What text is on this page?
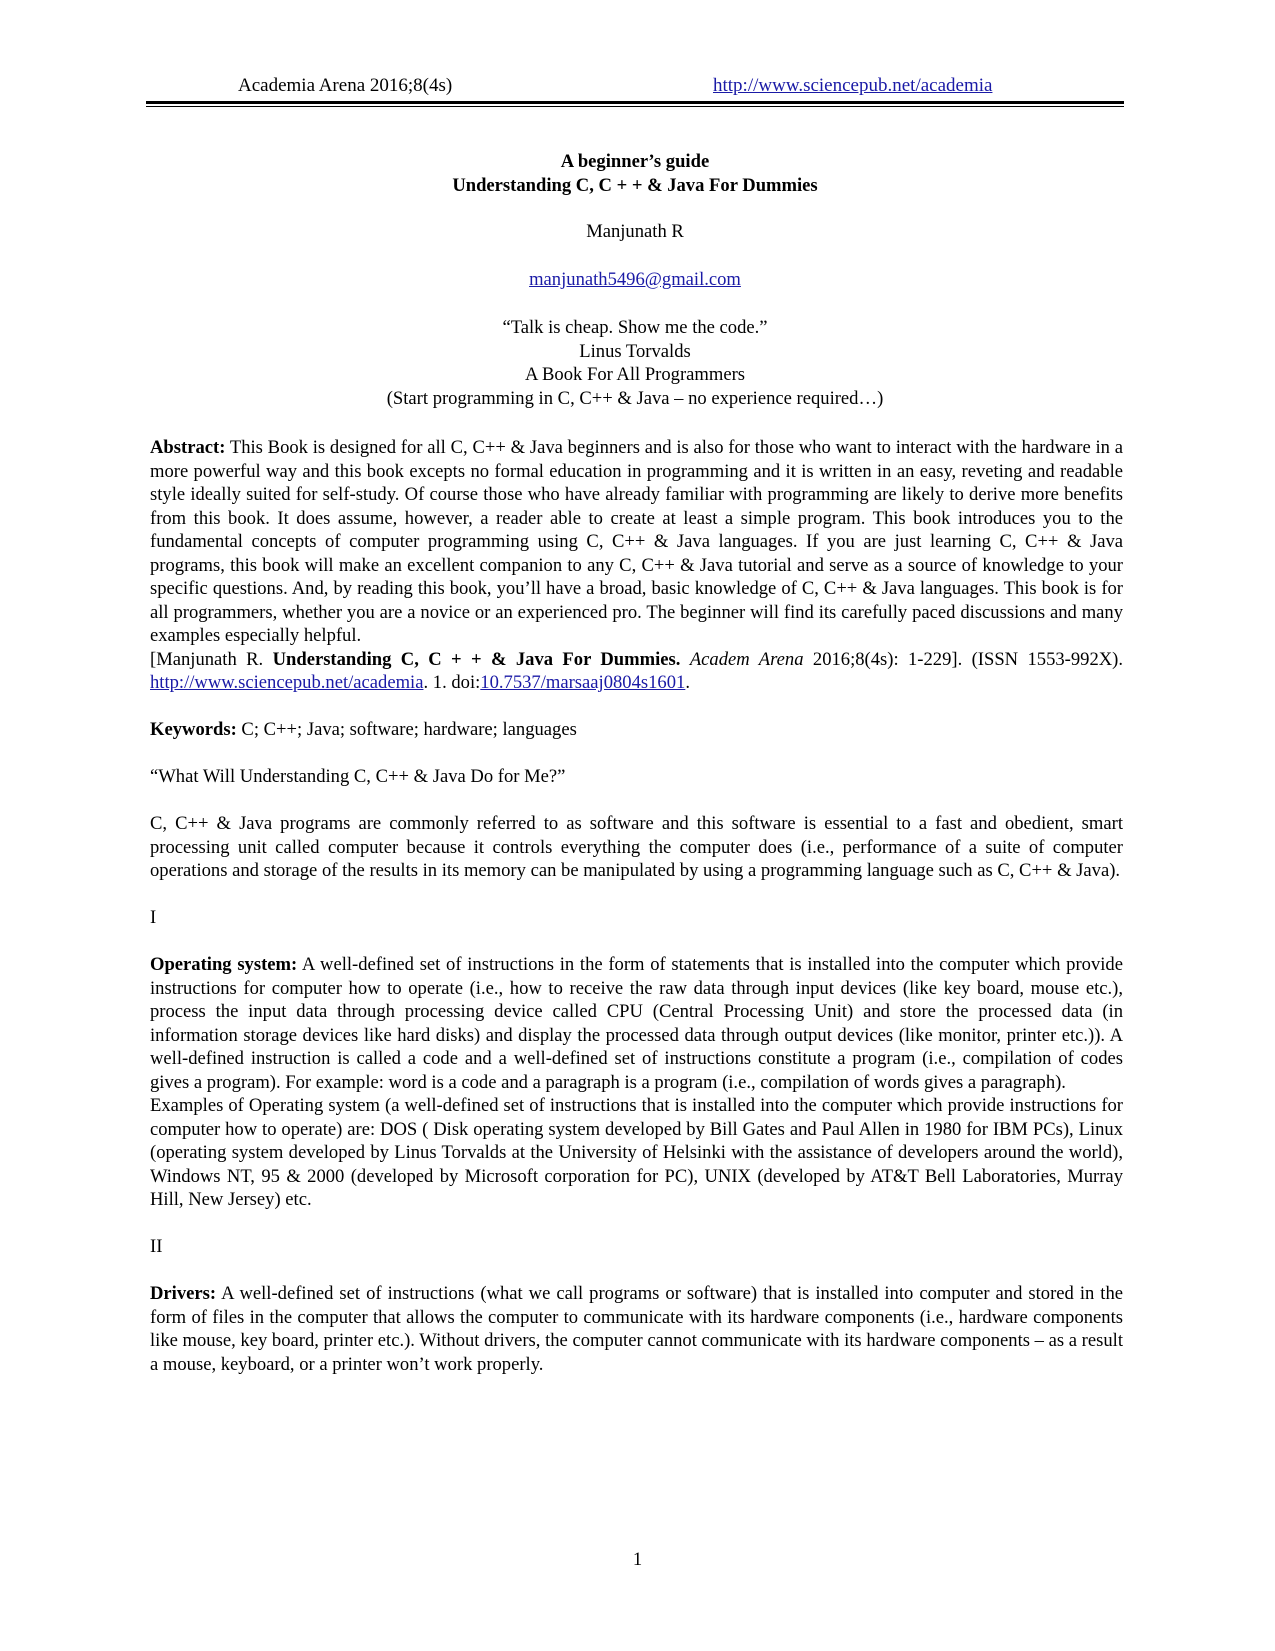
Academia Arena 2016;8(4s)	http://www.sciencepub.net/academia
A beginner’s guide
Understanding C, C + + & Java For Dummies
Manjunath R
manjunath5496@gmail.com
“Talk is cheap. Show me the code.”
Linus Torvalds
A Book For All Programmers
(Start programming in C, C++ & Java – no experience required…)

Abstract: This Book is designed for all C, C++ & Java beginners and is also for those who want to interact with the hardware in a more powerful way and this book excepts no formal education in programming and it is written in an easy, reveting and readable style ideally suited for self-study. Of course those who have already familiar with programming are likely to derive more benefits from this book. It does assume, however, a reader able to create at least a simple program. This book introduces you to the fundamental concepts of computer programming using C, C++ & Java languages. If you are just learning C, C++ & Java programs, this book will make an excellent companion to any C, C++ & Java tutorial and serve as a source of knowledge to your specific questions. And, by reading this book, you’ll have a broad, basic knowledge of C, C++ & Java languages. This book is for all programmers, whether you are a novice or an experienced pro. The beginner will find its carefully paced discussions and many examples especially helpful.

[Manjunath R. Understanding C, C + + & Java For Dummies. Academ Arena 2016;8(4s): 1-229]. (ISSN 1553-992X). http://www.sciencepub.net/academia. 1. doi:10.7537/marsaaj0804s1601.

Keywords: C; C++; Java; software; hardware; languages

“What Will Understanding C, C++ & Java Do for Me?”

C, C++ & Java programs are commonly referred to as software and this software is essential to a fast and obedient, smart processing unit called computer because it controls everything the computer does (i.e., performance of a suite of computer operations and storage of the results in its memory can be manipulated by using a programming language such as C, C++ & Java).

I

Operating system: A well-defined set of instructions in the form of statements that is installed into the computer which provide instructions for computer how to operate (i.e., how to receive the raw data through input devices (like key board, mouse etc.), process the input data through processing device called CPU (Central Processing Unit) and store the processed data (in information storage devices like hard disks) and display the processed data through output devices (like monitor, printer etc.)). A well-defined instruction is called a code and a well-defined set of instructions constitute a program (i.e., compilation of codes gives a program). For example: word is a code and a paragraph is a program (i.e., compilation of words gives a paragraph).

Examples of Operating system (a well-defined set of instructions that is installed into the computer which provide instructions for computer how to operate) are: DOS ( Disk operating system developed by Bill Gates and Paul Allen in 1980 for IBM PCs), Linux (operating system developed by Linus Torvalds at the University of Helsinki with the assistance of developers around the world), Windows NT, 95 & 2000 (developed by Microsoft corporation for PC), UNIX (developed by AT&T Bell Laboratories, Murray Hill, New Jersey) etc.

II

Drivers: A well-defined set of instructions (what we call programs or software) that is installed into computer and stored in the form of files in the computer that allows the computer to communicate with its hardware components (i.e., hardware components like mouse, key board, printer etc.). Without drivers, the computer cannot communicate with its hardware components – as a result a mouse, keyboard, or a printer won’t work properly.

1
